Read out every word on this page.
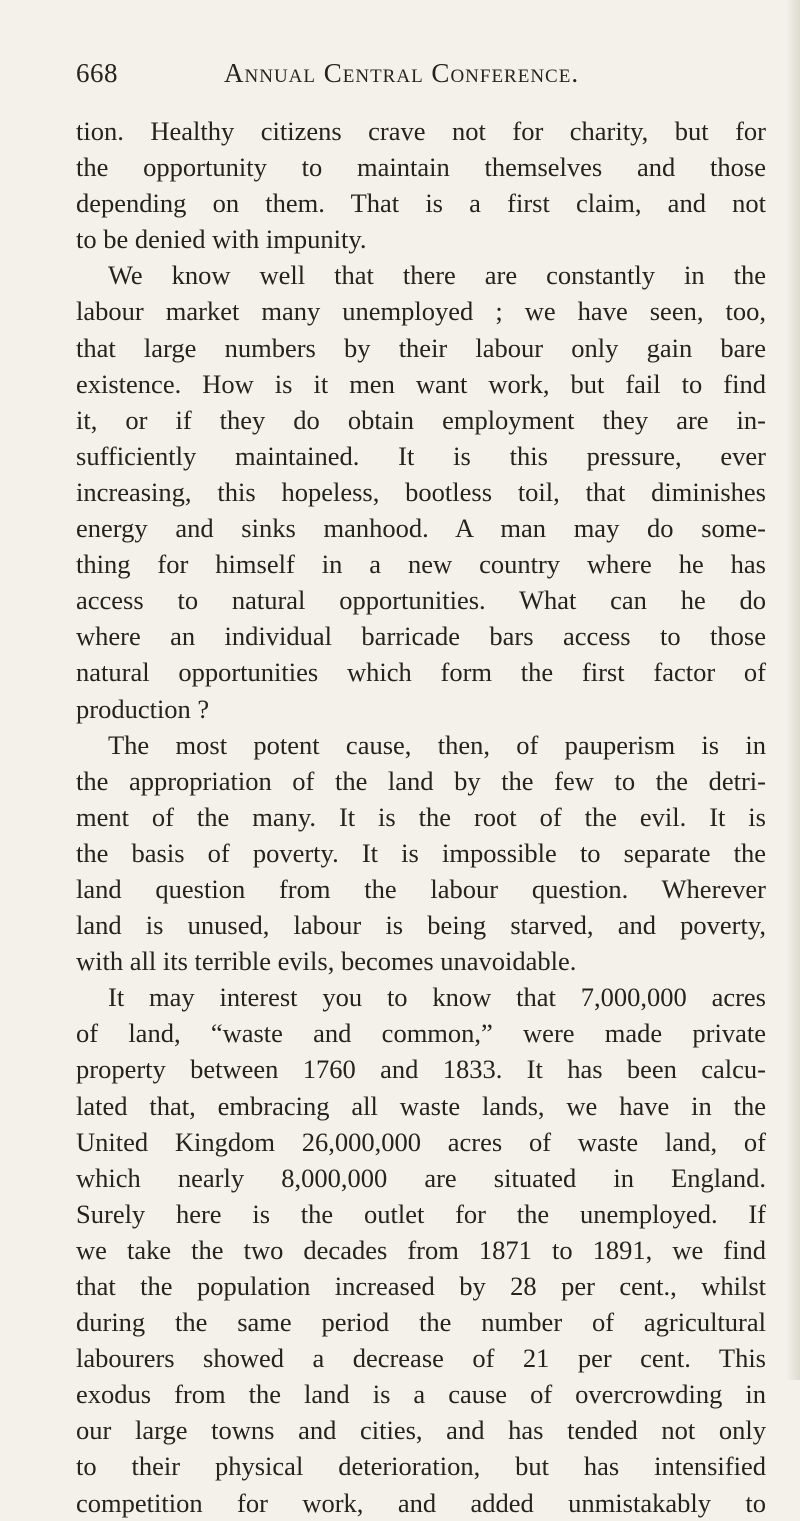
668	Annual Central Conference.
tion. Healthy citizens crave not for charity, but for
the opportunity to maintain themselves and those
depending on them. That is a first claim, and not
to be denied with impunity.
We know well that there are constantly in the
labour market many unemployed ; we have seen, too,
that large numbers by their labour only gain bare
existence. How is it men want work, but fail to find
it, or if they do obtain employment they are in-
sufficiently maintained. It is this pressure, ever
increasing, this hopeless, bootless toil, that diminishes
energy and sinks manhood. A man may do some-
thing for himself in a new country where he has
access to natural opportunities. What can he do
where an individual barricade bars access to those
natural opportunities which form the first factor of
production ?
The most potent cause, then, of pauperism is in
the appropriation of the land by the few to the detri-
ment of the many. It is the root of the evil. It is
the basis of poverty. It is impossible to separate the
land question from the labour question. Wherever
land is unused, labour is being starved, and poverty,
with all its terrible evils, becomes unavoidable.
It may interest you to know that 7,000,000 acres
of land, “waste and common,” were made private
property between 1760 and 1833. It has been calcu-
lated that, embracing all waste lands, we have in the
United Kingdom 26,000,000 acres of waste land, of
which nearly 8,000,000 are situated in England.
Surely here is the outlet for the unemployed. If
we take the two decades from 1871 to 1891, we find
that the population increased by 28 per cent., whilst
during the same period the number of agricultural
labourers showed a decrease of 21 per cent. This
exodus from the land is a cause of overcrowding in
our large towns and cities, and has tended not only
to their physical deterioration, but has intensified
competition for work, and added unmistakably to
